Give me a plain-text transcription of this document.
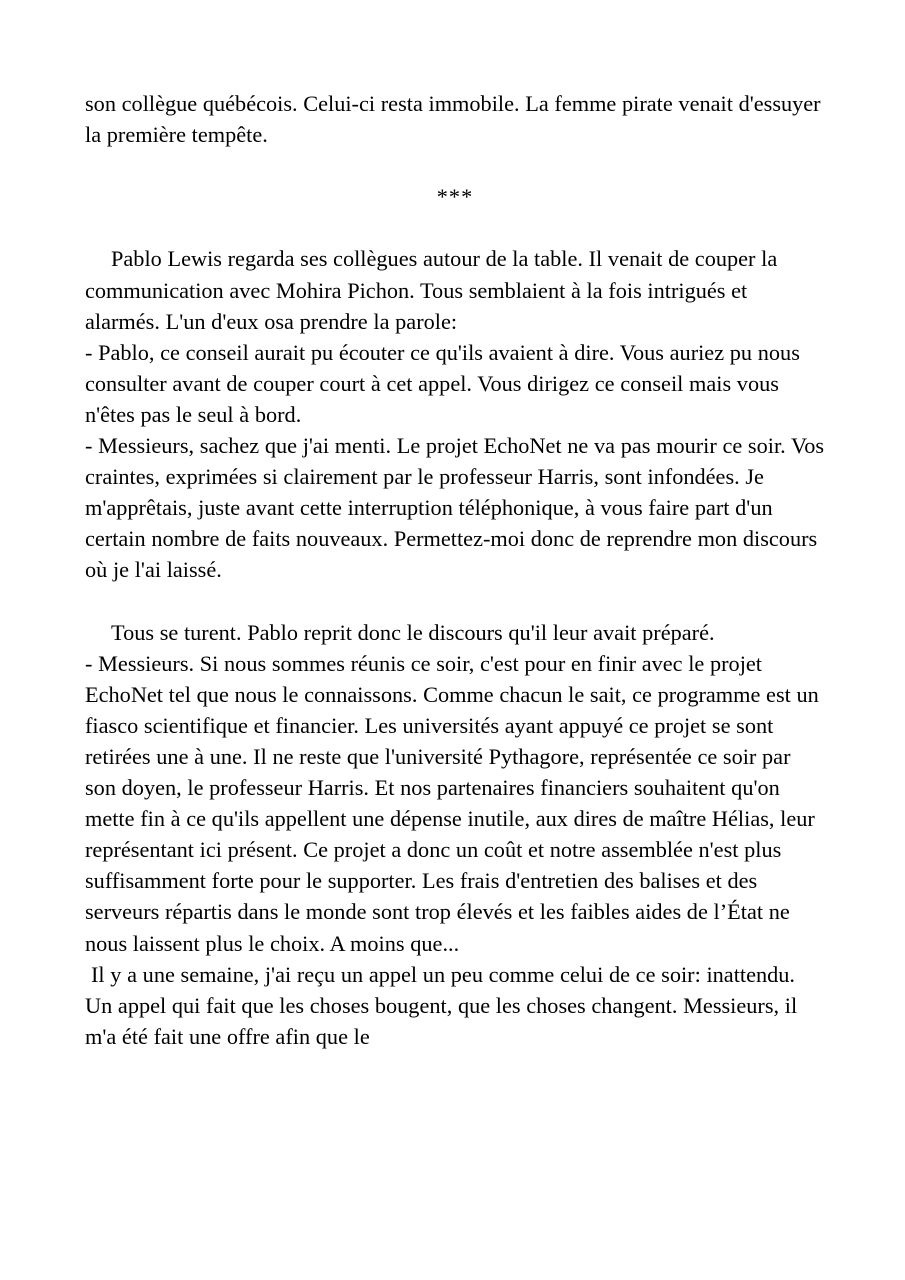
son collègue québécois. Celui-ci resta immobile. La femme pirate venait d'essuyer la première tempête.

***

Pablo Lewis regarda ses collègues autour de la table. Il venait de couper la communication avec Mohira Pichon. Tous semblaient à la fois intrigués et alarmés. L'un d'eux osa prendre la parole:

- Pablo, ce conseil aurait pu écouter ce qu'ils avaient à dire. Vous auriez pu nous consulter avant de couper court à cet appel. Vous dirigez ce conseil mais vous n'êtes pas le seul à bord.

- Messieurs, sachez que j'ai menti. Le projet EchoNet ne va pas mourir ce soir. Vos craintes, exprimées si clairement par le professeur Harris, sont infondées. Je m'apprêtais, juste avant cette interruption téléphonique, à vous faire part d'un certain nombre de faits nouveaux. Permettez-moi donc de reprendre mon discours où je l'ai laissé.

Tous se turent. Pablo reprit donc le discours qu'il leur avait préparé.

- Messieurs. Si nous sommes réunis ce soir, c'est pour en finir avec le projet EchoNet tel que nous le connaissons. Comme chacun le sait, ce programme est un fiasco scientifique et financier. Les universités ayant appuyé ce projet se sont retirées une à une. Il ne reste que l'université Pythagore, représentée ce soir par son doyen, le professeur Harris. Et nos partenaires financiers souhaitent qu'on mette fin à ce qu'ils appellent une dépense inutile, aux dires de maître Hélias, leur représentant ici présent. Ce projet a donc un coût et notre assemblée n'est plus suffisamment forte pour le supporter. Les frais d'entretien des balises et des serveurs répartis dans le monde sont trop élevés et les faibles aides de l’État ne nous laissent plus le choix. A moins que...

Il y a une semaine, j'ai reçu un appel un peu comme celui de ce soir: inattendu. Un appel qui fait que les choses bougent, que les choses changent. Messieurs, il m'a été fait une offre afin que le
